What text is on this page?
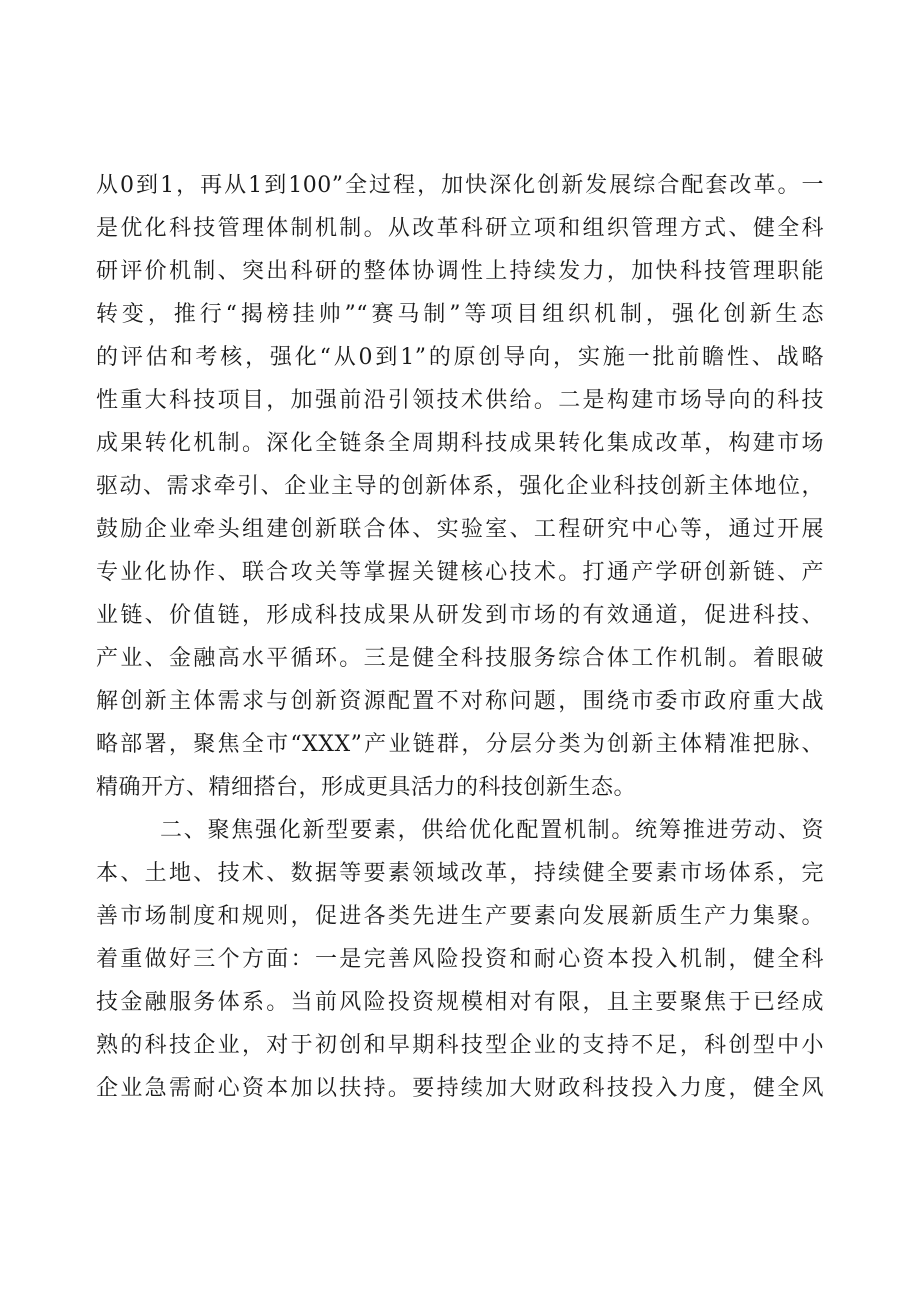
从0到1，再从1到100”全过程，加快深化创新发展综合配套改革。一
是优化科技管理体制机制。从改革科研立项和组织管理方式、健全科
研评价机制、突出科研的整体协调性上持续发力，加快科技管理职能
转变，推行“揭榜挂帅”“赛马制”等项目组织机制，强化创新生态
的评估和考核，强化“从0到1”的原创导向，实施一批前瞻性、战略
性重大科技项目，加强前沿引领技术供给。二是构建市场导向的科技
成果转化机制。深化全链条全周期科技成果转化集成改革，构建市场
驱动、需求牵引、企业主导的创新体系，强化企业科技创新主体地位，
鼓励企业牵头组建创新联合体、实验室、工程研究中心等，通过开展
专业化协作、联合攻关等掌握关键核心技术。打通产学研创新链、产
业链、价值链，形成科技成果从研发到市场的有效通道，促进科技、
产业、金融高水平循环。三是健全科技服务综合体工作机制。着眼破
解创新主体需求与创新资源配置不对称问题，围绕市委市政府重大战
略部署，聚焦全市“XXX”产业链群，分层分类为创新主体精准把脉、
精确开方、精细搭台，形成更具活力的科技创新生态。
二、聚焦强化新型要素，供给优化配置机制。统筹推进劳动、资
本、土地、技术、数据等要素领域改革，持续健全要素市场体系，完
善市场制度和规则，促进各类先进生产要素向发展新质生产力集聚。
着重做好三个方面：一是完善风险投资和耐心资本投入机制，健全科
技金融服务体系。当前风险投资规模相对有限，且主要聚焦于已经成
熟的科技企业，对于初创和早期科技型企业的支持不足，科创型中小
企业急需耐心资本加以扶持。要持续加大财政科技投入力度，健全风
